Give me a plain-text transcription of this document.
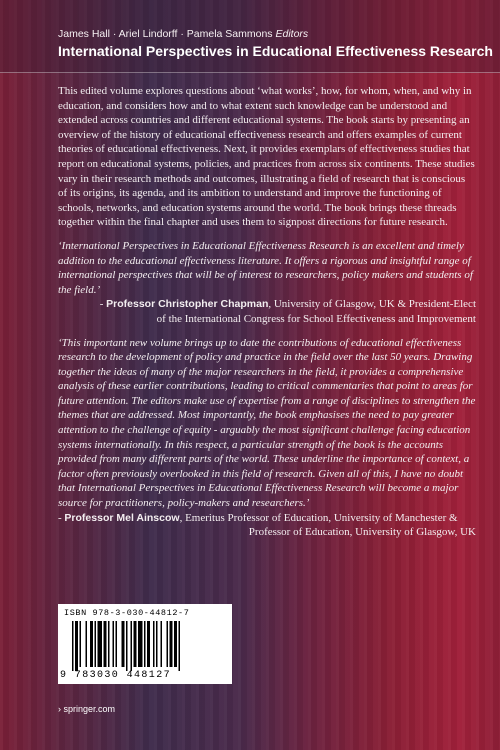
James Hall · Ariel Lindorff · Pamela Sammons Editors
International Perspectives in Educational Effectiveness Research

This edited volume explores questions about ‘what works’, how, for whom, when, and why in education, and considers how and to what extent such knowledge can be understood and extended across countries and different educational systems. The book starts by presenting an overview of the history of educational effectiveness research and offers examples of current theories of educational effectiveness. Next, it provides exemplars of effectiveness studies that report on educational systems, policies, and practices from across six continents. These studies vary in their research methods and outcomes, illustrating a field of research that is conscious of its origins, its agenda, and its ambition to understand and improve the functioning of schools, networks, and education systems around the world. The book brings these threads together within the final chapter and uses them to signpost directions for future research.

‘International Perspectives in Educational Effectiveness Research is an excellent and timely addition to the educational effectiveness literature. It offers a rigorous and insightful range of international perspectives that will be of interest to researchers, policy makers and students of the field.’

- Professor Christopher Chapman, University of Glasgow, UK & President-Elect
of the International Congress for School Effectiveness and Improvement

‘This important new volume brings up to date the contributions of educational effectiveness research to the development of policy and practice in the field over the last 50 years. Drawing together the ideas of many of the major researchers in the field, it provides a comprehensive analysis of these earlier contributions, leading to critical commentaries that point to areas for future attention. The editors make use of expertise from a range of disciplines to strengthen the themes that are addressed. Most importantly, the book emphasises the need to pay greater attention to the challenge of equity - arguably the most significant challenge facing education systems internationally. In this respect, a particular strength of the book is the accounts provided from many different parts of the world. These underline the importance of context, a factor often previously overlooked in this field of research. Given all of this, I have no doubt that International Perspectives in Educational Effectiveness Research will become a major source for practitioners, policy-makers and researchers.’

- Professor Mel Ainscow, Emeritus Professor of Education, University of Manchester &
Professor of Education, University of Glasgow, UK

ISBN 978-3-030-44812-7
9 783030 448127
› springer.com
